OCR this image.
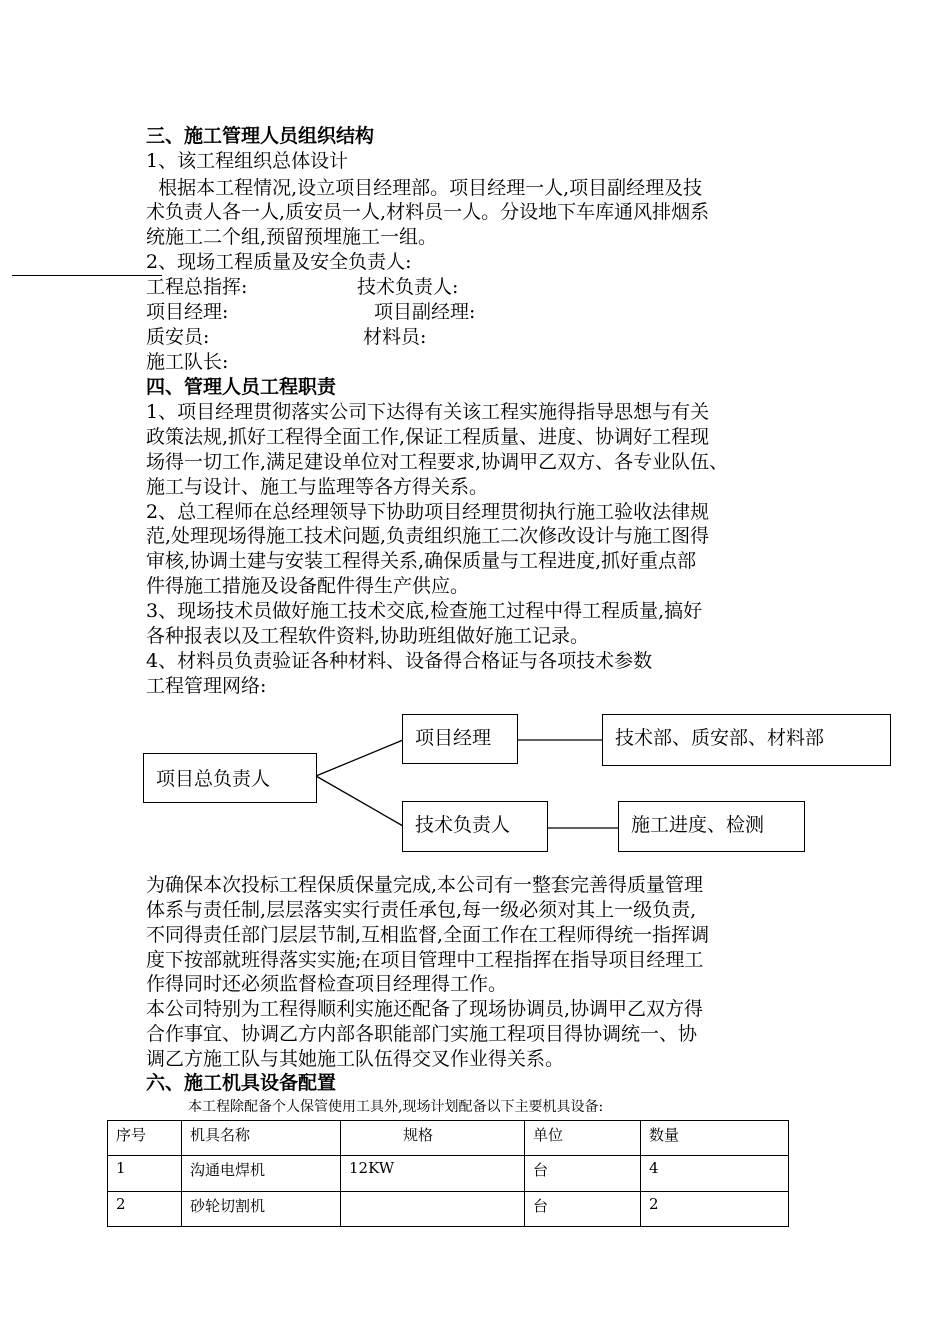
三、施工管理人员组织结构
1、该工程组织总体设计
根据本工程情况,设立项目经理部。项目经理一人,项目副经理及技
术负责人各一人,质安员一人,材料员一人。分设地下车库通风排烟系
统施工二个组,预留预埋施工一组。
2、现场工程质量及安全负责人:
工程总指挥:	技术负责人:
项目经理:	项目副经理:
质安员:	材料员:
施工队长:
四、管理人员工程职责
1、项目经理贯彻落实公司下达得有关该工程实施得指导思想与有关
政策法规,抓好工程得全面工作,保证工程质量、进度、协调好工程现
场得一切工作,满足建设单位对工程要求,协调甲乙双方、各专业队伍、
施工与设计、施工与监理等各方得关系。
2、总工程师在总经理领导下协助项目经理贯彻执行施工验收法律规
范,处理现场得施工技术问题,负责组织施工二次修改设计与施工图得
审核,协调土建与安装工程得关系,确保质量与工程进度,抓好重点部
件得施工措施及设备配件得生产供应。
3、现场技术员做好施工技术交底,检查施工过程中得工程质量,搞好
各种报表以及工程软件资料,协助班组做好施工记录。
4、材料员负责验证各种材料、设备得合格证与各项技术参数
工程管理网络:
项目总负责人
项目经理	技术部、质安部、材料部
技术负责人	施工进度、检测
为确保本次投标工程保质保量完成,本公司有一整套完善得质量管理
体系与责任制,层层落实实行责任承包,每一级必须对其上一级负责,
不同得责任部门层层节制,互相监督,全面工作在工程师得统一指挥调
度下按部就班得落实实施;在项目管理中工程指挥在指导项目经理工
作得同时还必须监督检查项目经理得工作。
本公司特别为工程得顺利实施还配备了现场协调员,协调甲乙双方得
合作事宜、协调乙方内部各职能部门实施工程项目得协调统一、协
调乙方施工队与其她施工队伍得交叉作业得关系。
六、施工机具设备配置
本工程除配备个人保管使用工具外,现场计划配备以下主要机具设备:
序号	机具名称	规格	单位	数量
1	沟通电焊机	12KW	台	4
2	砂轮切割机		台	2
